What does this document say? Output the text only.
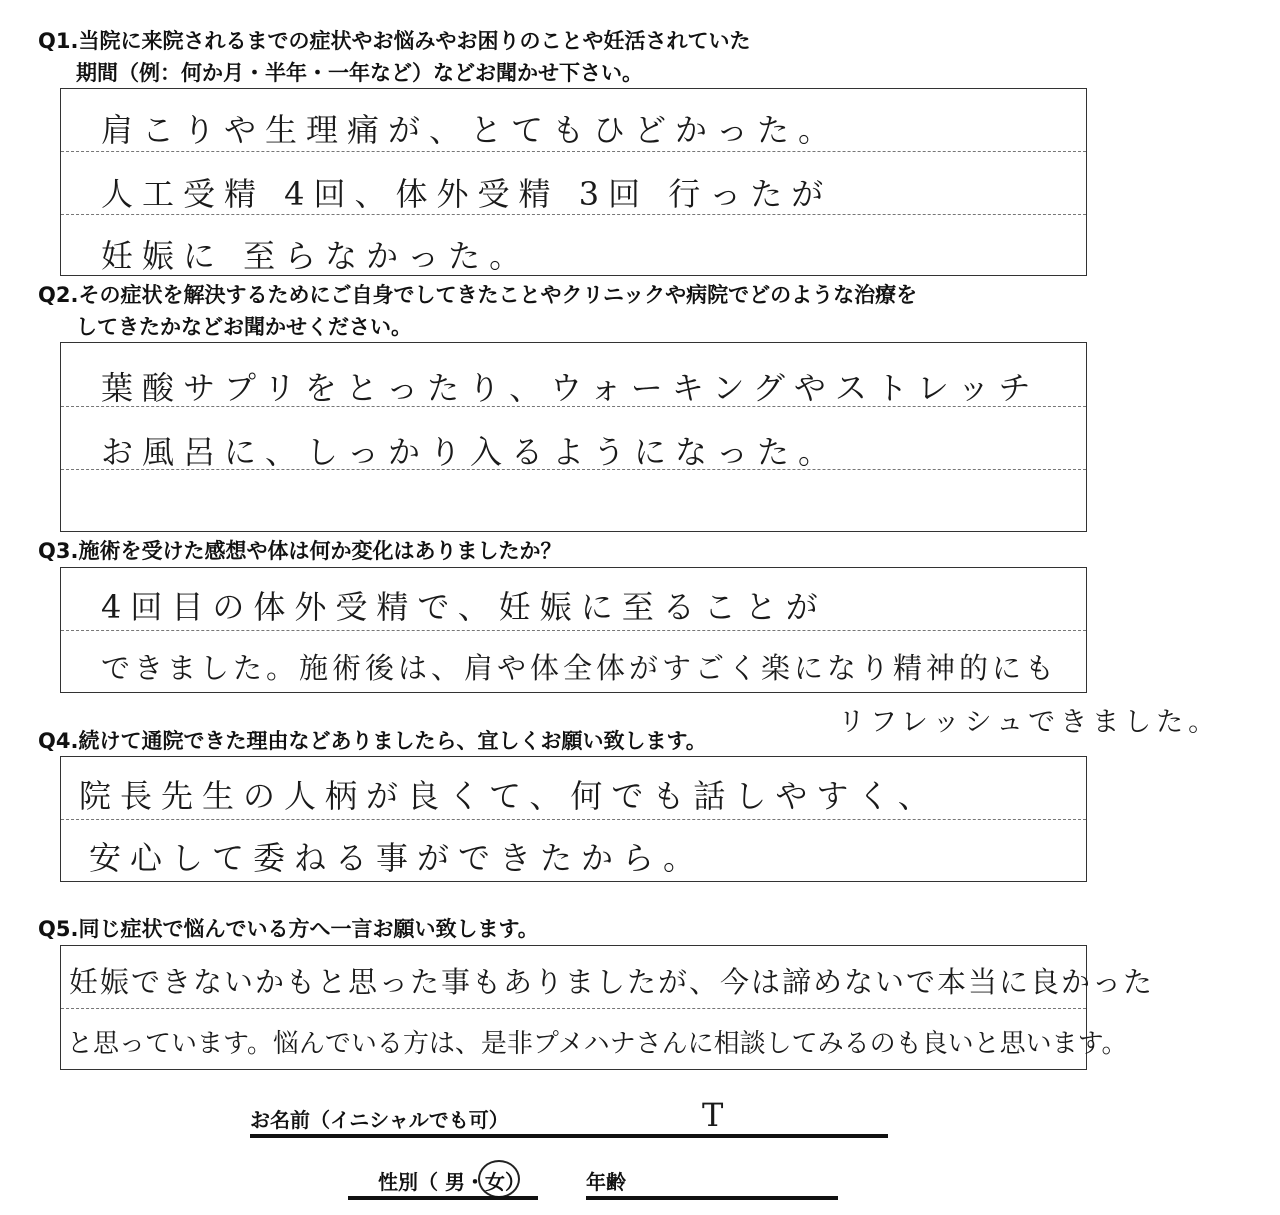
Q1.当院に来院されるまでの症状やお悩みやお困りのことや妊活されていた
期間（例：何か月・半年・一年など）などお聞かせ下さい。
肩こりや生理痛が、とてもひどかった。
人工受精 4回、体外受精 3回 行ったが
妊娠に 至らなかった。
Q2.その症状を解決するためにご自身でしてきたことやクリニックや病院でどのような治療を
してきたかなどお聞かせください。
葉酸サプリをとったり、ウォーキングやストレッチ
お風呂に、しっかり入るようになった。
Q3.施術を受けた感想や体は何か変化はありましたか？
4回目の体外受精で、妊娠に至ることが
できました。施術後は、肩や体全体がすごく楽になり精神的にも
リフレッシュできました。
Q4.続けて通院できた理由などありましたら、宜しくお願い致します。
院長先生の人柄が良くて、何でも話しやすく、
安心して委ねる事ができたから。
Q5.同じ症状で悩んでいる方へ一言お願い致します。
妊娠できないかもと思った事もありましたが、今は諦めないで本当に良かった
と思っています。悩んでいる方は、是非プメハナさんに相談してみるのも良いと思います。
お名前（イニシャルでも可）	T
性別（ 男・女）	年齢
